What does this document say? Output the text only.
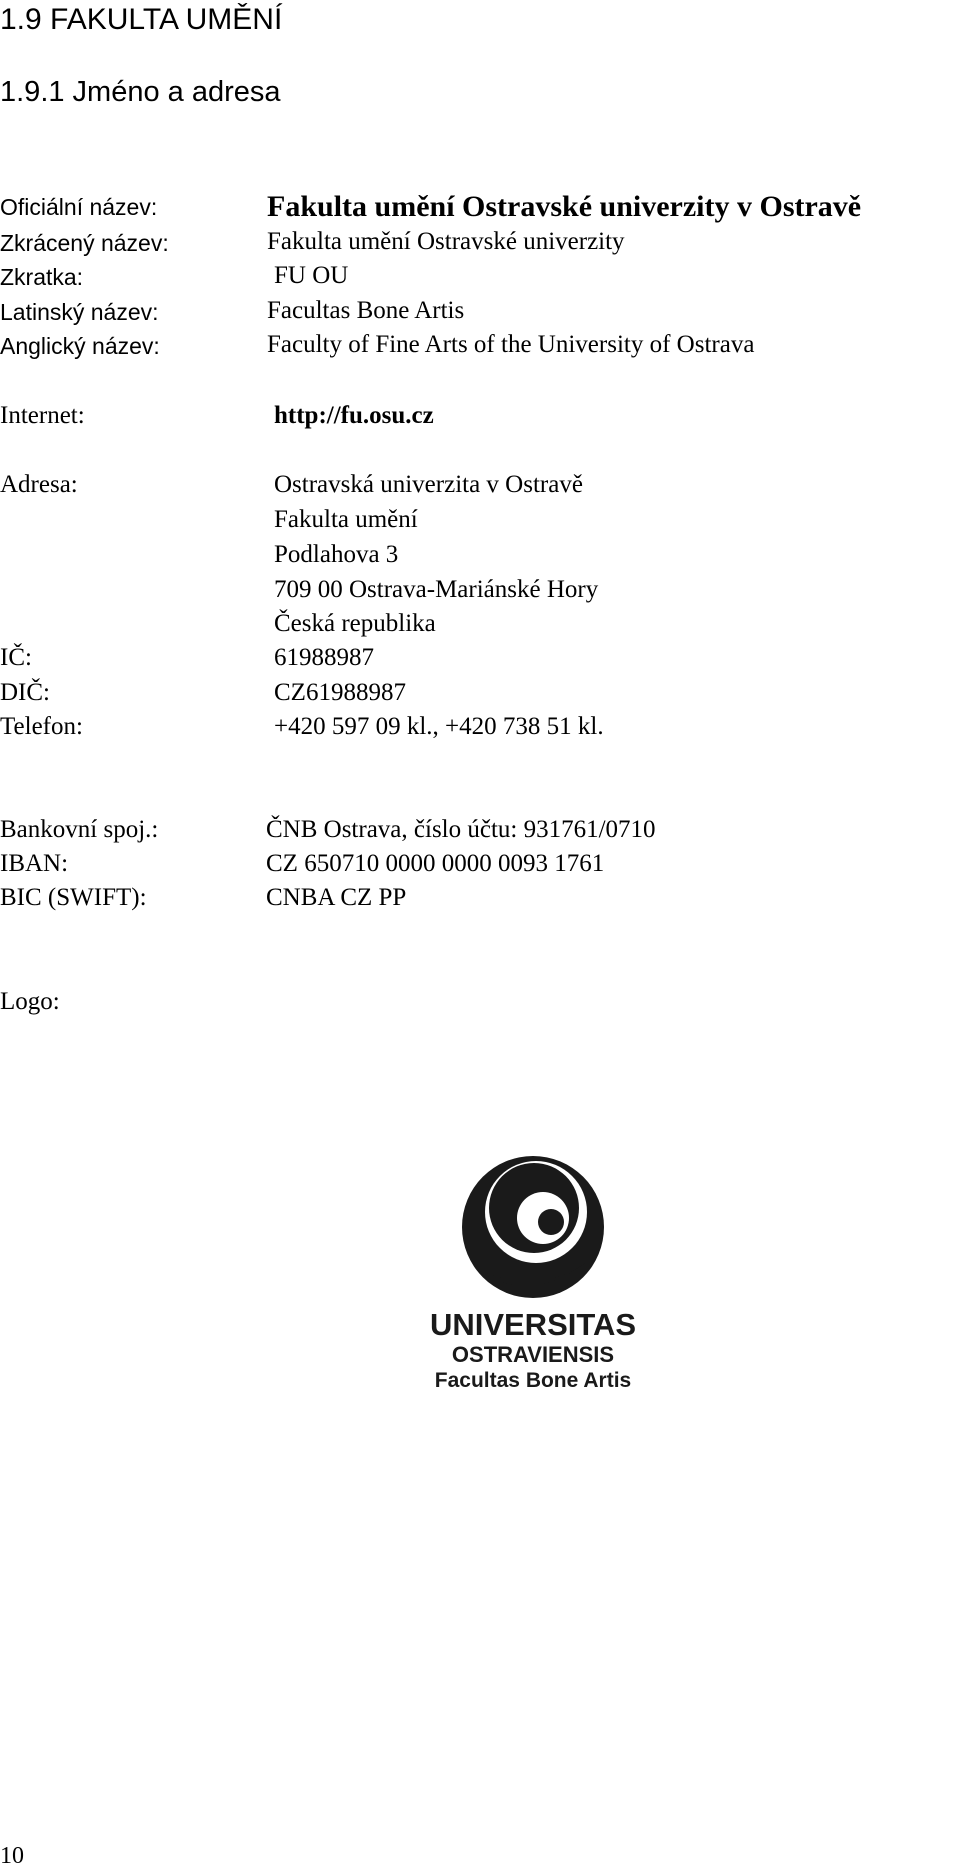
1.9 FAKULTA UMĚNÍ
1.9.1 Jméno a adresa
Oficiální název:	Fakulta umění Ostravské univerzity v Ostravě
Zkrácený název:	Fakulta umění Ostravské univerzity
Zkratka:	FU OU
Latinský název:	Facultas Bone Artis
Anglický název:	Faculty of Fine Arts of the University of Ostrava
Internet:	http://fu.osu.cz
Adresa:	Ostravská univerzita v Ostravě
Fakulta umění
Podlahova 3
709 00 Ostrava-Mariánské Hory
Česká republika
IČ:	61988987
DIČ:	CZ61988987
Telefon:	+420 597 09 kl., +420 738 51 kl.
Bankovní spoj.:	ČNB Ostrava, číslo účtu: 931761/0710
IBAN:	CZ 650710 0000 0000 0093 1761
BIC (SWIFT):	CNBA CZ PP
Logo:
UNIVERSITAS
OSTRAVIENSIS
Facultas Bone Artis
10
